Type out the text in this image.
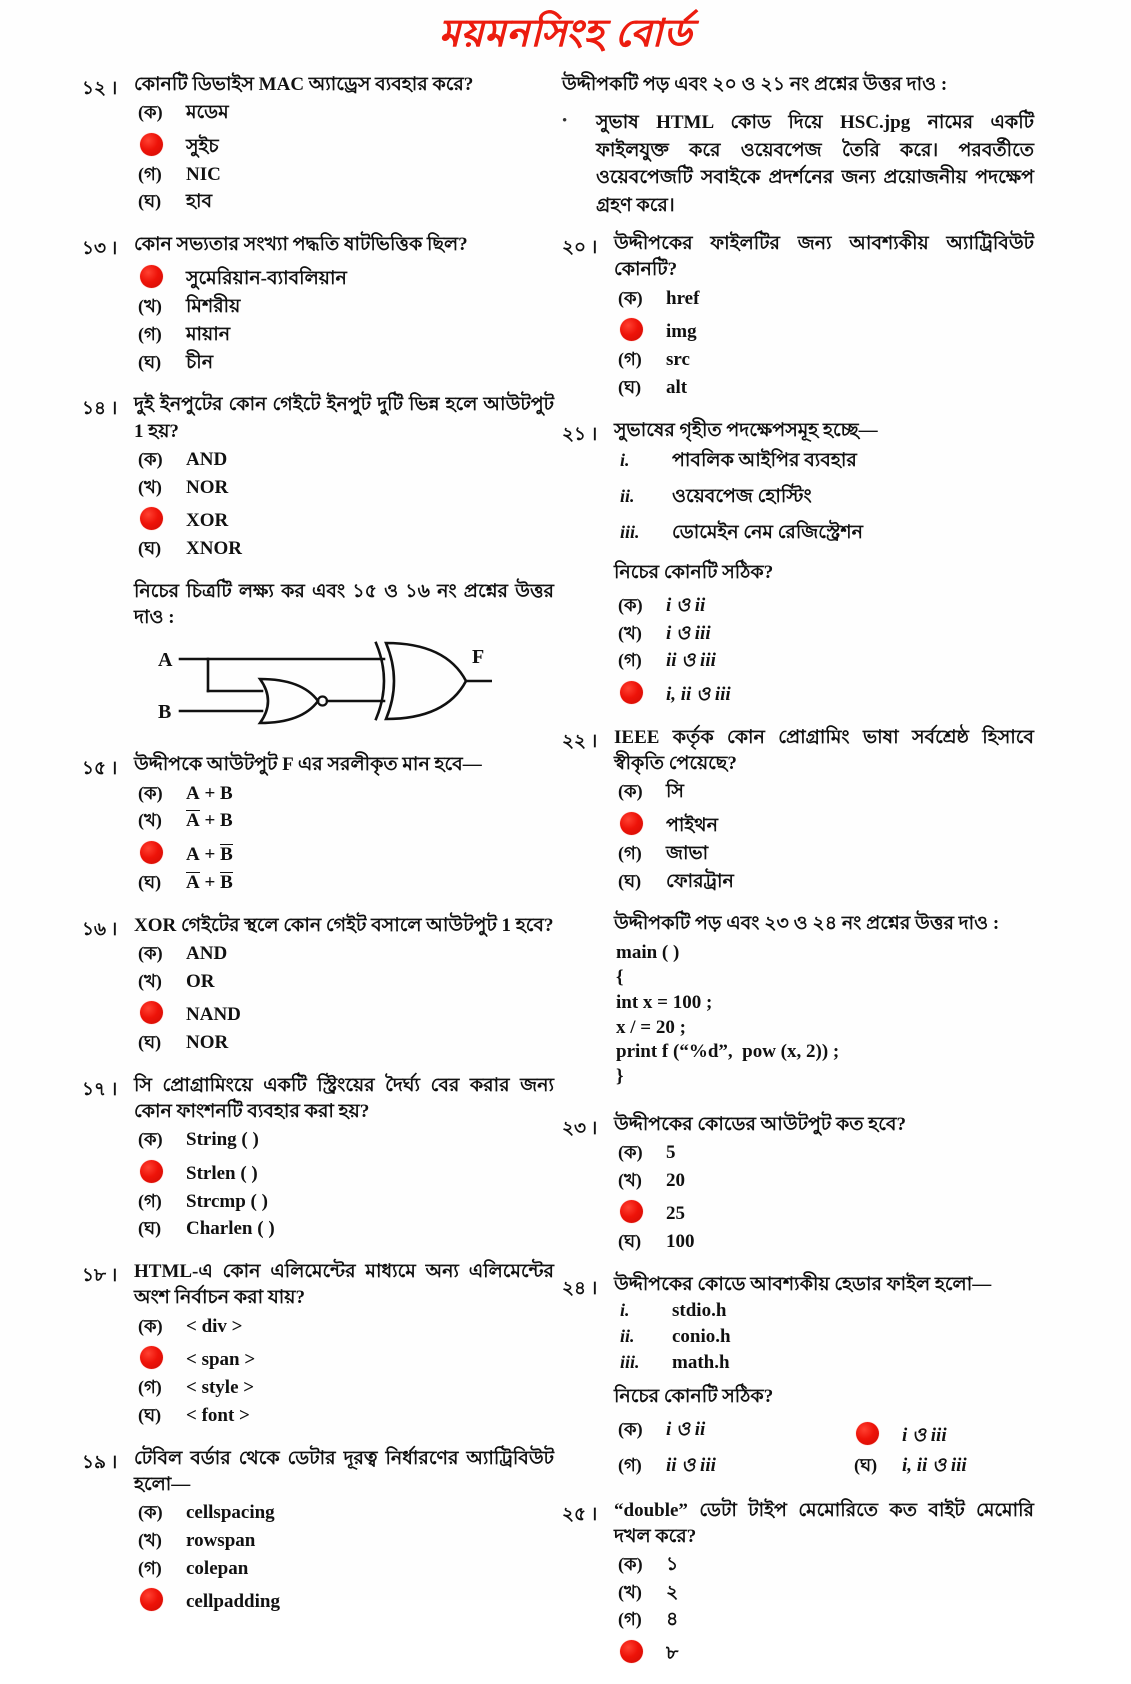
ময়মনসিংহ বোর্ড
১২ । কোনটি ডিভাইস MAC অ্যাড্রেস ব্যবহার করে?
(ক)	মডেম
সুইচ
(গ)	NIC
(ঘ)	হাব
১৩ । কোন সভ্যতার সংখ্যা পদ্ধতি ষাটভিত্তিক ছিল?
সুমেরিয়ান-ব্যাবলিয়ান
(খ)	মিশরীয়
(গ)	মায়ান
(ঘ)	চীন
১৪ । দুই ইনপুটের কোন গেইটে ইনপুট দুটি ভিন্ন হলে আউটপুট 1 হয়?
(ক)	AND
(খ)	NOR
XOR
(ঘ)	XNOR
নিচের চিত্রটি লক্ষ্য কর এবং ১৫ ও ১৬ নং প্রশ্নের উত্তর দাও :
A
B
F
১৫ । উদ্দীপকে আউটপুট F এর সরলীকৃত মান হবে—
(ক)	A + B
(খ)	A + B
A + B
(ঘ)	A + B
১৬ । XOR গেইটের স্থলে কোন গেইট বসালে আউটপুট 1 হবে?
(ক)	AND
(খ)	OR
NAND
(ঘ)	NOR
১৭ । সি প্রোগ্রামিংয়ে একটি স্ট্রিংয়ের দৈর্ঘ্য বের করার জন্য কোন ফাংশনটি ব্যবহার করা হয়?
(ক)	String ( )
Strlen ( )
(গ)	Strcmp ( )
(ঘ)	Charlen ( )
১৮ । HTML-এ কোন এলিমেন্টের মাধ্যমে অন্য এলিমেন্টের অংশ নির্বাচন করা যায়?
(ক)	< div >
< span >
(গ)	< style >
(ঘ)	< font >
১৯ । টেবিল বর্ডার থেকে ডেটার দূরত্ব নির্ধারণের অ্যাট্রিবিউট হলো—
(ক)	cellspacing
(খ)	rowspan
(গ)	colepan
cellpadding
উদ্দীপকটি পড় এবং ২০ ও ২১ নং প্রশ্নের উত্তর দাও :
•	সুভাষ HTML কোড দিয়ে HSC.jpg নামের একটি ফাইলযুক্ত করে ওয়েবপেজ তৈরি করে। পরবর্তীতে ওয়েবপেজটি সবাইকে প্রদর্শনের জন্য প্রয়োজনীয় পদক্ষেপ গ্রহণ করে।
২০ । উদ্দীপকের ফাইলটির জন্য আবশ্যকীয় অ্যাট্রিবিউট কোনটি?
(ক)	href
img
(গ)	src
(ঘ)	alt
২১ । সুভাষের গৃহীত পদক্ষেপসমূহ হচ্ছে—
i.	পাবলিক আইপির ব্যবহার
ii.	ওয়েবপেজ হোস্টিং
iii.	ডোমেইন নেম রেজিস্ট্রেশন
নিচের কোনটি সঠিক?
(ক)	i ও ii
(খ)	i ও iii
(গ)	ii ও iii
i, ii ও iii
২২ । IEEE কর্তৃক কোন প্রোগ্রামিং ভাষা সর্বশ্রেষ্ঠ হিসাবে স্বীকৃতি পেয়েছে?
(ক)	সি
পাইথন
(গ)	জাভা
(ঘ)	ফোরট্রান
উদ্দীপকটি পড় এবং ২৩ ও ২৪ নং প্রশ্নের উত্তর দাও :
main ( )
{
int x = 100 ;
x / = 20 ;
print f (“%d”,  pow (x, 2)) ;
}
২৩ । উদ্দীপকের কোডের আউটপুট কত হবে?
(ক)	5
(খ)	20
25
(ঘ)	100
২৪ । উদ্দীপকের কোডে আবশ্যকীয় হেডার ফাইল হলো—
i.	stdio.h
ii.	conio.h
iii.	math.h
নিচের কোনটি সঠিক?
(ক)	i ও ii	i ও iii
(গ)	ii ও iii	(ঘ)	i, ii ও iii
২৫ । “double” ডেটা টাইপ মেমোরিতে কত বাইট মেমোরি দখল করে?
(ক)	১
(খ)	২
(গ)	৪
৮
